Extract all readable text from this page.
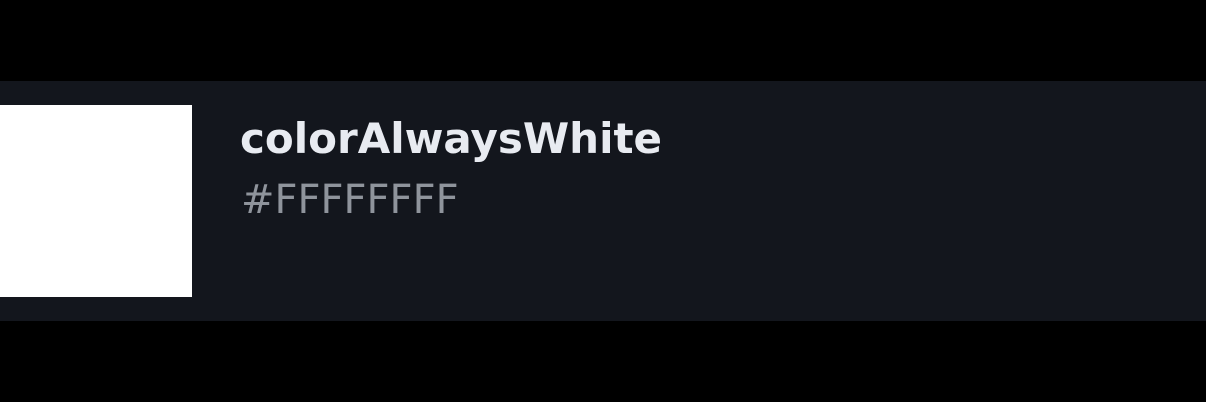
colorAlwaysWhite

#FFFFFFFF
